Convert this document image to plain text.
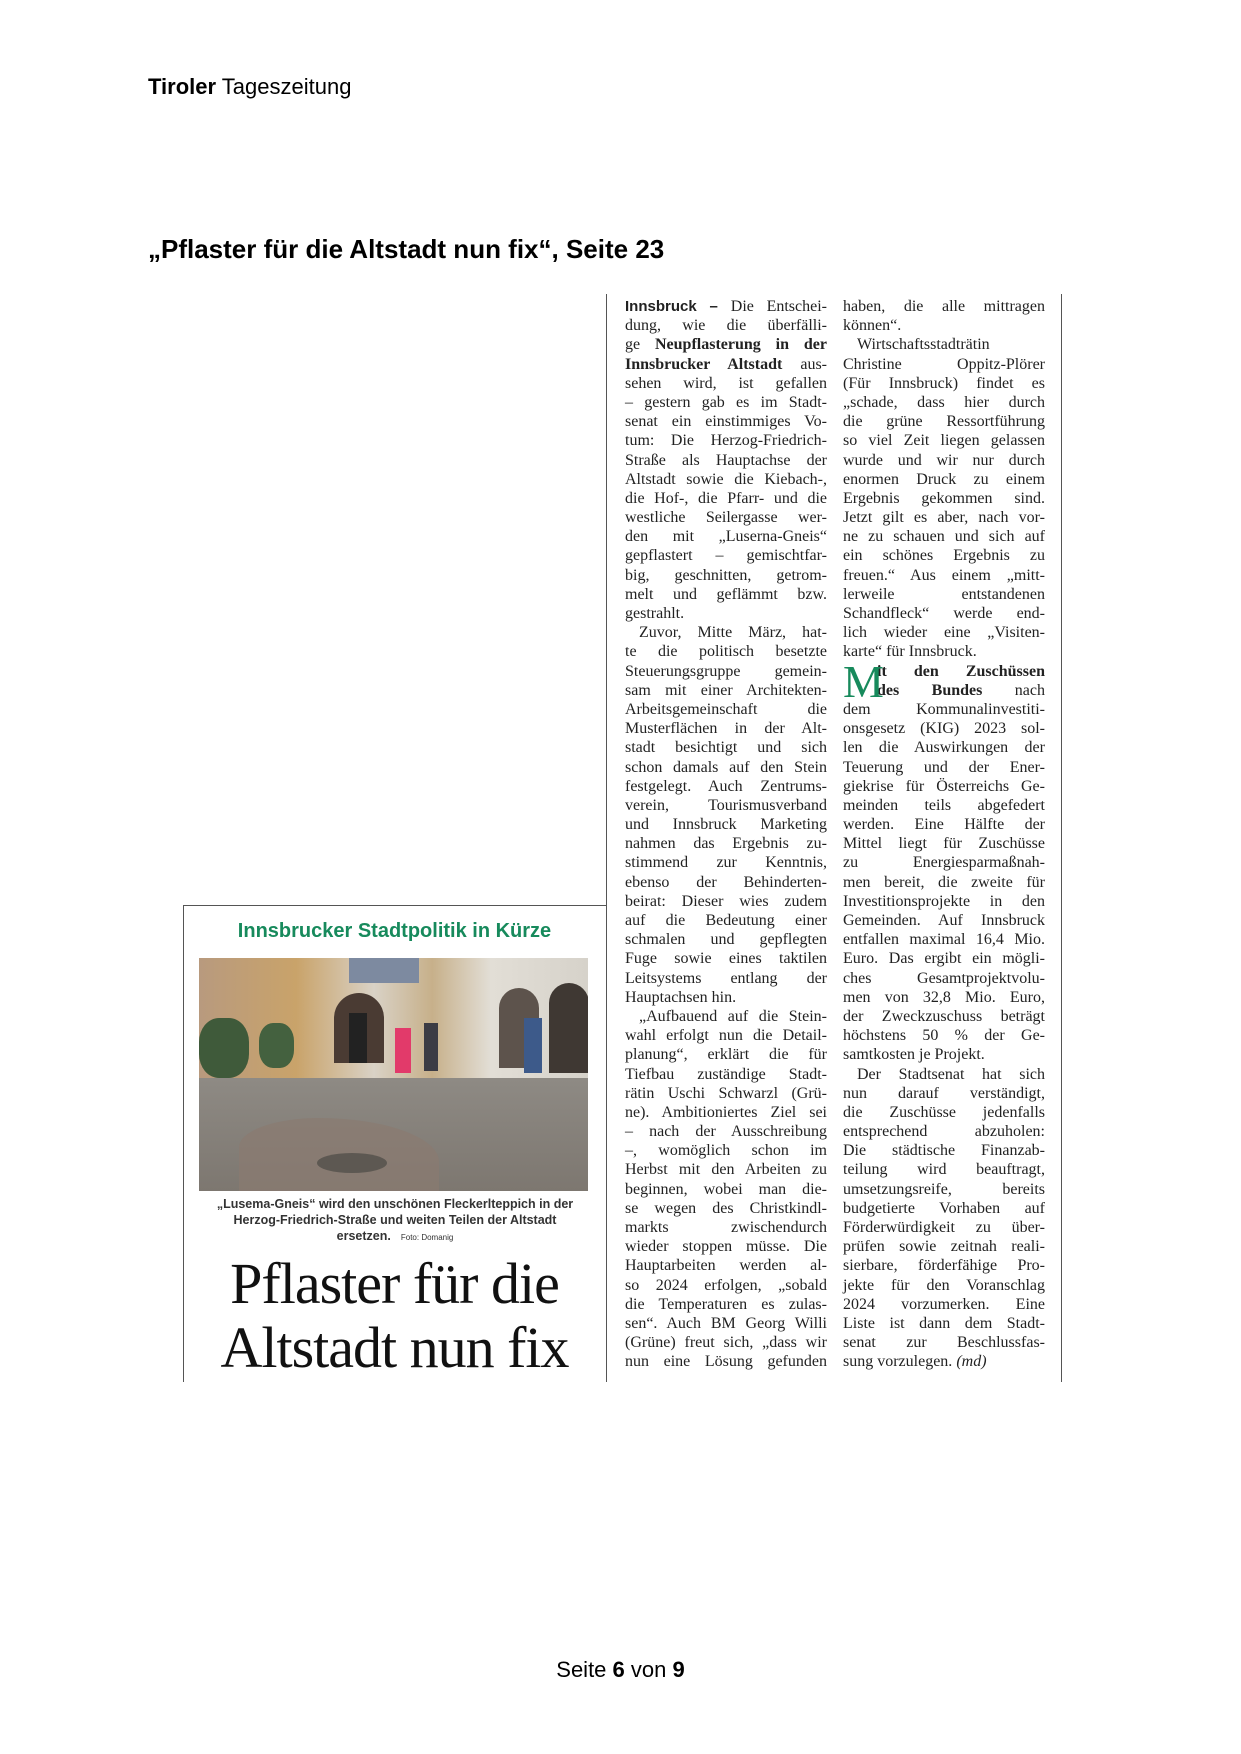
Tiroler Tageszeitung
„Pflaster für die Altstadt nun fix“, Seite 23
Innsbrucker Stadtpolitik in Kürze
„Lusema-Gneis“ wird den unschönen Fleckerlteppich in der Herzog-Friedrich-Straße und weiten Teilen der Altstadt ersetzen. Foto: Domanig
Pflaster für die
Altstadt nun fix
Innsbruck – Die Entschei-
dung, wie die überfälli-
ge Neupflasterung in der
Innsbrucker Altstadt aus-
sehen wird, ist gefallen
– gestern gab es im Stadt-
senat ein einstimmiges Vo-
tum: Die Herzog-Friedrich-
Straße als Hauptachse der
Altstadt sowie die Kiebach-,
die Hof-, die Pfarr- und die
westliche Seilergasse wer-
den mit „Luserna-Gneis“
gepflastert – gemischtfar-
big, geschnitten, getrom-
melt und geflämmt bzw.
gestrahlt.
Zuvor, Mitte März, hat-
te die politisch besetzte
Steuerungsgruppe gemein-
sam mit einer Architekten-
Arbeitsgemeinschaft die
Musterflächen in der Alt-
stadt besichtigt und sich
schon damals auf den Stein
festgelegt. Auch Zentrums-
verein, Tourismusverband
und Innsbruck Marketing
nahmen das Ergebnis zu-
stimmend zur Kenntnis,
ebenso der Behinderten-
beirat: Dieser wies zudem
auf die Bedeutung einer
schmalen und gepflegten
Fuge sowie eines taktilen
Leitsystems entlang der
Hauptachsen hin.
„Aufbauend auf die Stein-
wahl erfolgt nun die Detail-
planung“, erklärt die für
Tiefbau zuständige Stadt-
rätin Uschi Schwarzl (Grü-
ne). Ambitioniertes Ziel sei
– nach der Ausschreibung
–, womöglich schon im
Herbst mit den Arbeiten zu
beginnen, wobei man die-
se wegen des Christkindl-
markts zwischendurch
wieder stoppen müsse. Die
Hauptarbeiten werden al-
so 2024 erfolgen, „sobald
die Temperaturen es zulas-
sen“. Auch BM Georg Willi
(Grüne) freut sich, „dass wir
nun eine Lösung gefunden
haben, die alle mittragen
können“.
Wirtschaftsstadträtin
Christine Oppitz-Plörer
(Für Innsbruck) findet es
„schade, dass hier durch
die grüne Ressortführung
so viel Zeit liegen gelassen
wurde und wir nur durch
enormen Druck zu einem
Ergebnis gekommen sind.
Jetzt gilt es aber, nach vor-
ne zu schauen und sich auf
ein schönes Ergebnis zu
freuen.“ Aus einem „mitt-
lerweile entstandenen
Schandfleck“ werde end-
lich wieder eine „Visiten-
karte“ für Innsbruck.
M
it den Zuschüssen
des Bundes nach
dem Kommunalinvestiti-
onsgesetz (KIG) 2023 sol-
len die Auswirkungen der
Teuerung und der Ener-
giekrise für Österreichs Ge-
meinden teils abgefedert
werden. Eine Hälfte der
Mittel liegt für Zuschüsse
zu Energiesparmaßnah-
men bereit, die zweite für
Investitionsprojekte in den
Gemeinden. Auf Innsbruck
entfallen maximal 16,4 Mio.
Euro. Das ergibt ein mögli-
ches Gesamtprojektvolu-
men von 32,8 Mio. Euro,
der Zweckzuschuss beträgt
höchstens 50 % der Ge-
samtkosten je Projekt.
Der Stadtsenat hat sich
nun darauf verständigt,
die Zuschüsse jedenfalls
entsprechend abzuholen:
Die städtische Finanzab-
teilung wird beauftragt,
umsetzungsreife, bereits
budgetierte Vorhaben auf
Förderwürdigkeit zu über-
prüfen sowie zeitnah reali-
sierbare, förderfähige Pro-
jekte für den Voranschlag
2024 vorzumerken. Eine
Liste ist dann dem Stadt-
senat zur Beschlussfas-
sung vorzulegen. (md)
Seite 6 von 9
